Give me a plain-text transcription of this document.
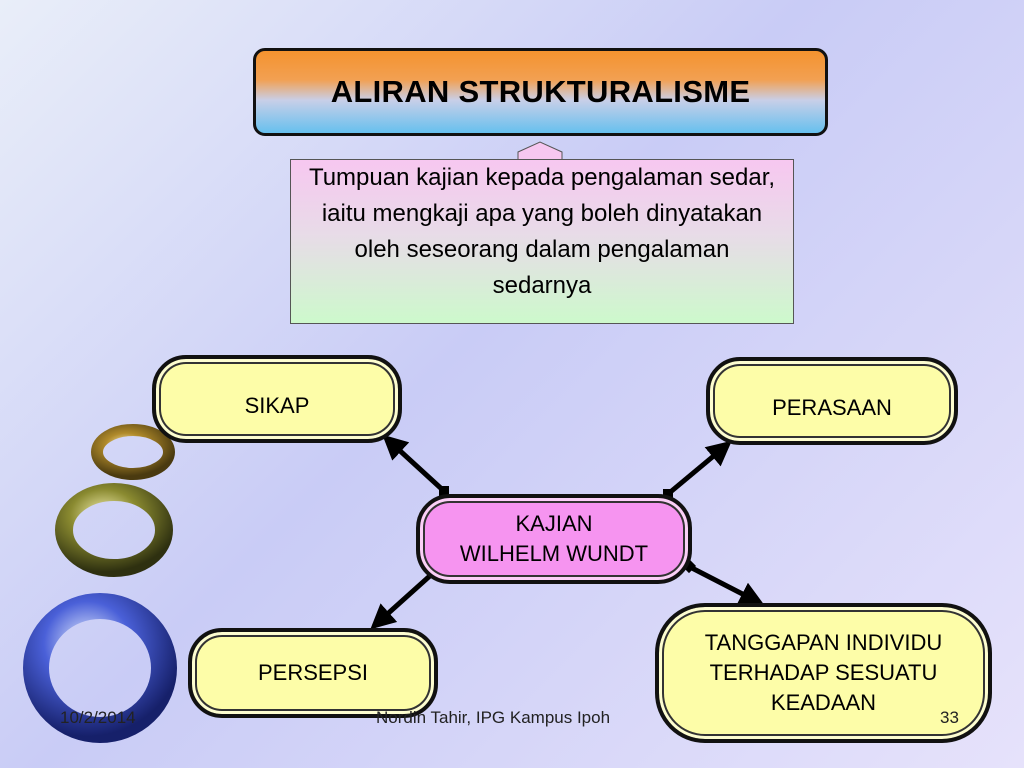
ALIRAN STRUKTURALISME
Tumpuan kajian kepada pengalaman sedar, iaitu mengkaji apa yang boleh dinyatakan oleh seseorang dalam pengalaman sedarnya
SIKAP	PERASAAN
KAJIAN
WILHELM WUNDT
PERSEPSI
TANGGAPAN INDIVIDU
TERHADAP SESUATU
KEADAAN
10/2/2014	Nordin Tahir, IPG Kampus Ipoh	33
